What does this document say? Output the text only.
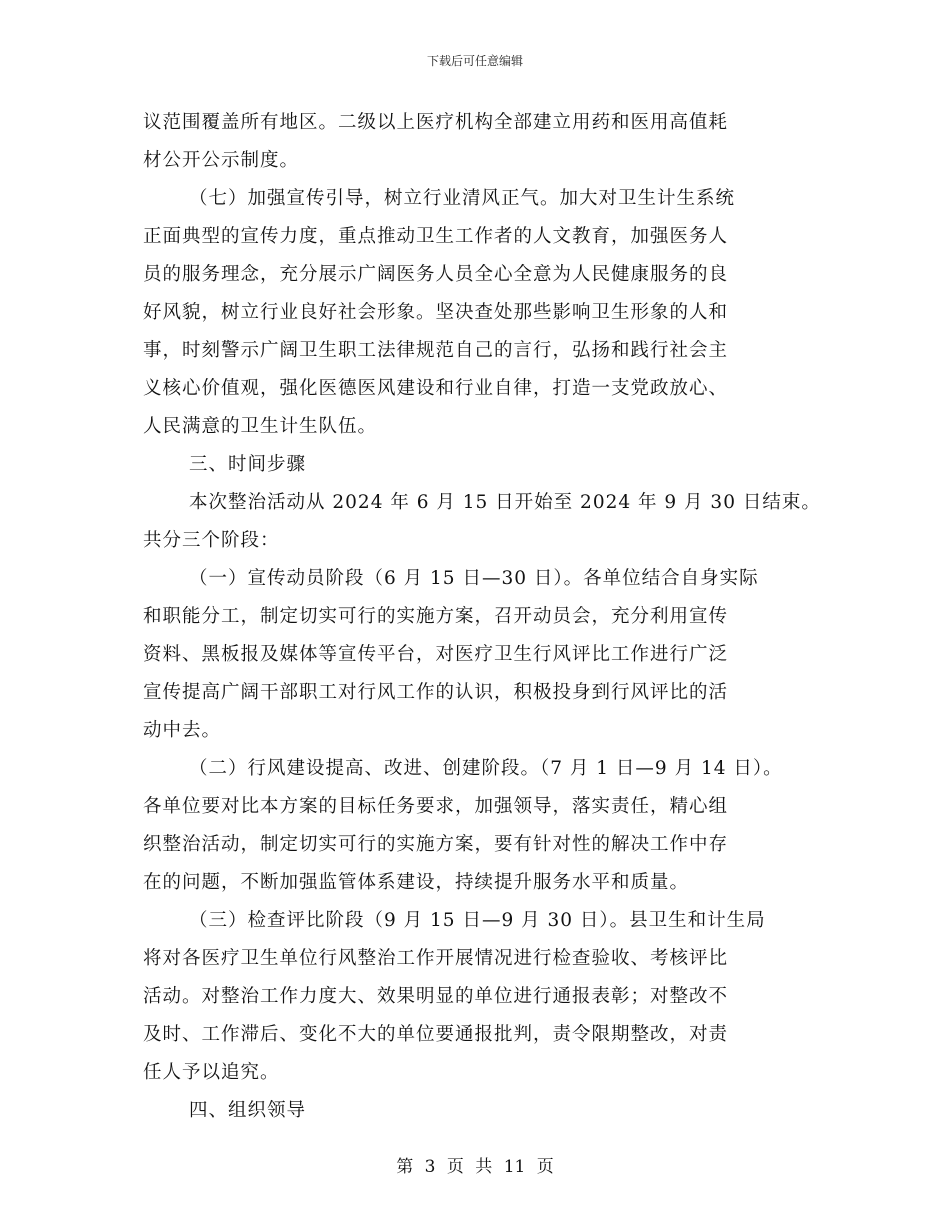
下载后可任意编辑
议范围覆盖所有地区。二级以上医疗机构全部建立用药和医用高值耗
材公开公示制度。
（七）加强宣传引导，树立行业清风正气。加大对卫生计生系统
正面典型的宣传力度，重点推动卫生工作者的人文教育，加强医务人
员的服务理念，充分展示广阔医务人员全心全意为人民健康服务的良
好风貌，树立行业良好社会形象。坚决查处那些影响卫生形象的人和
事，时刻警示广阔卫生职工法律规范自己的言行，弘扬和践行社会主
义核心价值观，强化医德医风建设和行业自律，打造一支党政放心、
人民满意的卫生计生队伍。
三、时间步骤
本次整治活动从 2024 年 6 月 15 日开始至 2024 年 9 月 30 日结束。
共分三个阶段：
（一）宣传动员阶段（6 月 15 日—30 日）。各单位结合自身实际
和职能分工，制定切实可行的实施方案，召开动员会，充分利用宣传
资料、黑板报及媒体等宣传平台，对医疗卫生行风评比工作进行广泛
宣传提高广阔干部职工对行风工作的认识，积极投身到行风评比的活
动中去。
（二）行风建设提高、改进、创建阶段。（7 月 1 日—9 月 14 日）。
各单位要对比本方案的目标任务要求，加强领导，落实责任，精心组
织整治活动，制定切实可行的实施方案，要有针对性的解决工作中存
在的问题，不断加强监管体系建设，持续提升服务水平和质量。
（三）检查评比阶段（9 月 15 日—9 月 30 日）。县卫生和计生局
将对各医疗卫生单位行风整治工作开展情况进行检查验收、考核评比
活动。对整治工作力度大、效果明显的单位进行通报表彰；对整改不
及时、工作滞后、变化不大的单位要通报批判，责令限期整改，对责
任人予以追究。
四、组织领导
第 3 页 共 11 页
